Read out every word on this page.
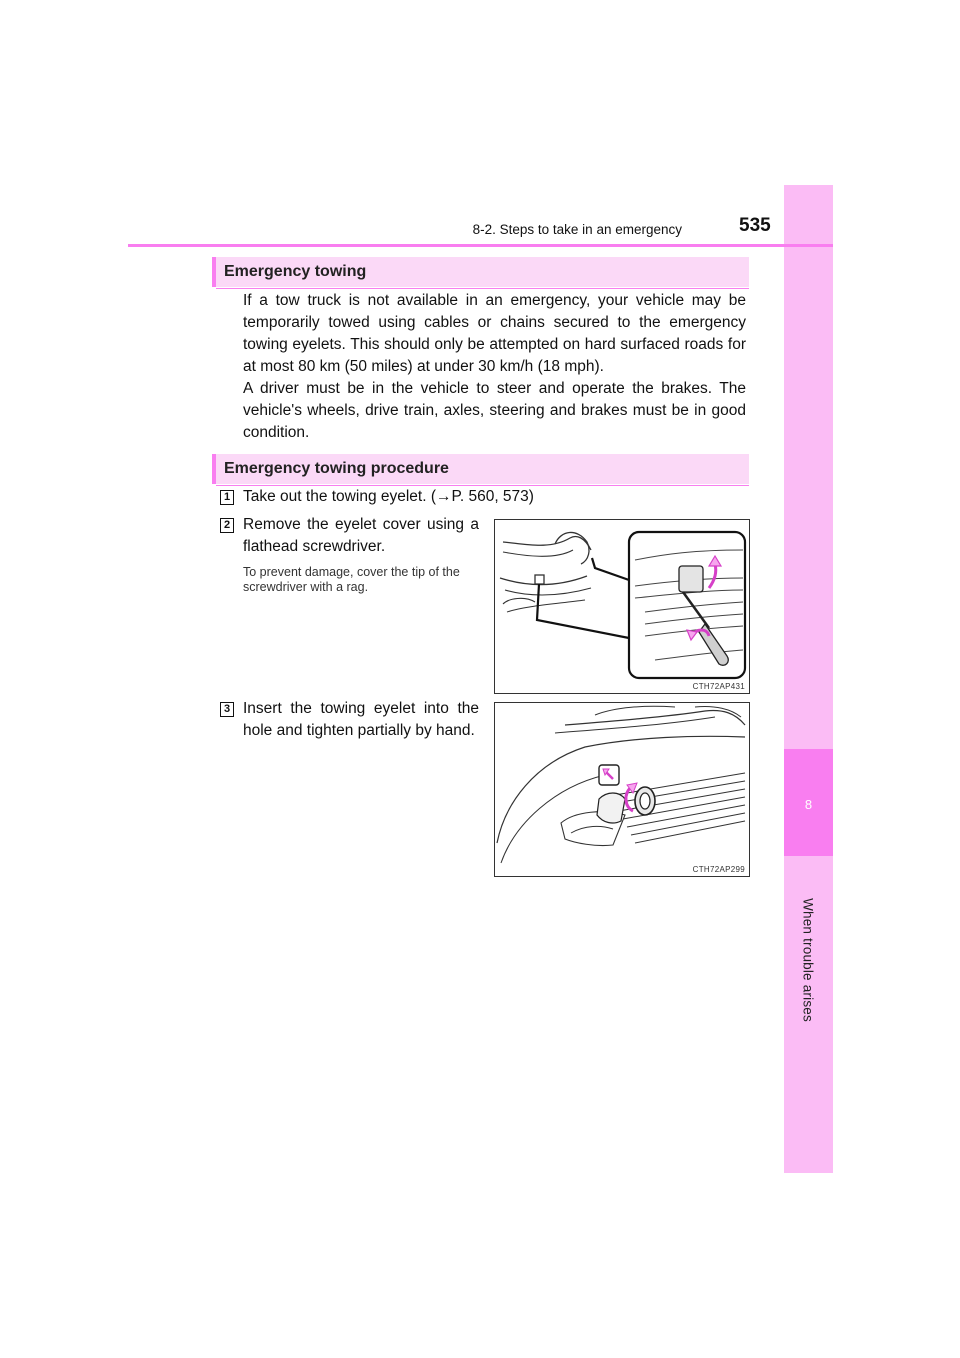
8
When trouble arises
8-2. Steps to take in an emergency	535
Emergency towing

If a tow truck is not available in an emergency, your vehicle may be temporarily towed using cables or chains secured to the emergency towing eyelets. This should only be attempted on hard surfaced roads for at most 80 km (50 miles) at under 30 km/h (18 mph).

A driver must be in the vehicle to steer and operate the brakes. The vehicle's wheels, drive train, axles, steering and brakes must be in good condition.

Emergency towing procedure
1 Take out the towing eyelet. (→P. 560, 573)
2 Remove the eyelet cover using a flathead screwdriver.
To prevent damage, cover the tip of the screwdriver with a rag.
CTH72AP431
3 Insert the towing eyelet into the hole and tighten partially by hand.
CTH72AP299
